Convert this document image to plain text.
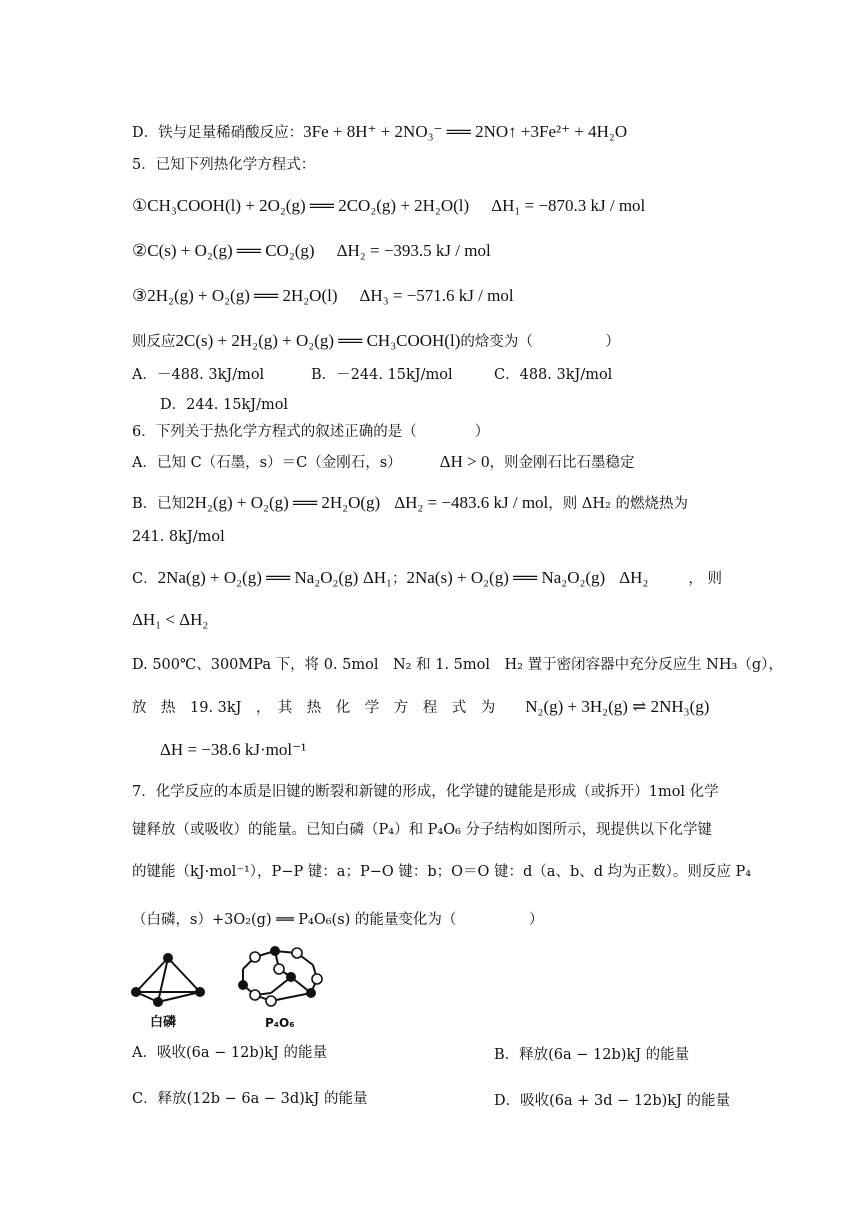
D．铁与足量稀硝酸反应：3Fe + 8H⁺ + 2NO₃⁻ ══ 2NO↑ +3Fe²⁺ + 4H₂O
5．已知下列热化学方程式：
①CH₃COOH(l) + 2O₂(g) ══ 2CO₂(g) + 2H₂O(l) ΔH₁ = −870.3 kJ / mol
②C(s) + O₂(g) ══ CO₂(g) ΔH₂ = −393.5 kJ / mol
③2H₂(g) + O₂(g) ══ 2H₂O(l) ΔH₃ = −571.6 kJ / mol
则反应2C(s) + 2H₂(g) + O₂(g) ══ CH₃COOH(l)的焓变为（　　　　　）
A．－488. 3kJ/mol	B．－244. 15kJ/mol	C．488. 3kJ/mol
D．244. 15kJ/mol
6．下列关于热化学方程式的叙述正确的是（　　　　）
A．已知 C（石墨，s）＝C（金刚石，s） ΔH > 0，则金刚石比石墨稳定
B．已知2H₂(g) + O₂(g) ══ 2H₂O(g) ΔH₂ = −483.6 kJ / mol，则 ΔH₂ 的燃烧热为
241. 8kJ/mol
C．2Na(g) + O₂(g) ══ Na₂O₂(g) ΔH₁；2Na(s) + O₂(g) ══ Na₂O₂(g) ΔH₂	， 则
ΔH₁ < ΔH₂
D. 500℃、300MPa 下，将 0. 5mol　N₂ 和 1. 5mol　H₂ 置于密闭容器中充分反应生 NH₃（g），
放　热　19. 3kJ　，　其　热　化　学　方　程　式　为 N₂(g) + 3H₂(g) ⇌ 2NH₃(g)
ΔH = −38.6 kJ·mol⁻¹
7．化学反应的本质是旧键的断裂和新键的形成，化学键的键能是形成（或拆开）1mol 化学
键释放（或吸收）的能量。已知白磷（P₄）和 P₄O₆ 分子结构如图所示，现提供以下化学键
的键能（kJ·mol⁻¹），P−P 键：a；P−O 键：b；O＝O 键：d（a、b、d 均为正数）。则反应 P₄
（白磷，s）+3O₂(g) ══ P₄O₆(s) 的能量变化为（　　　　　）
白磷	P₄O₆
A．吸收(6a − 12b)kJ 的能量	B．释放(6a − 12b)kJ 的能量
C．释放(12b − 6a − 3d)kJ 的能量	D．吸收(6a + 3d − 12b)kJ 的能量
